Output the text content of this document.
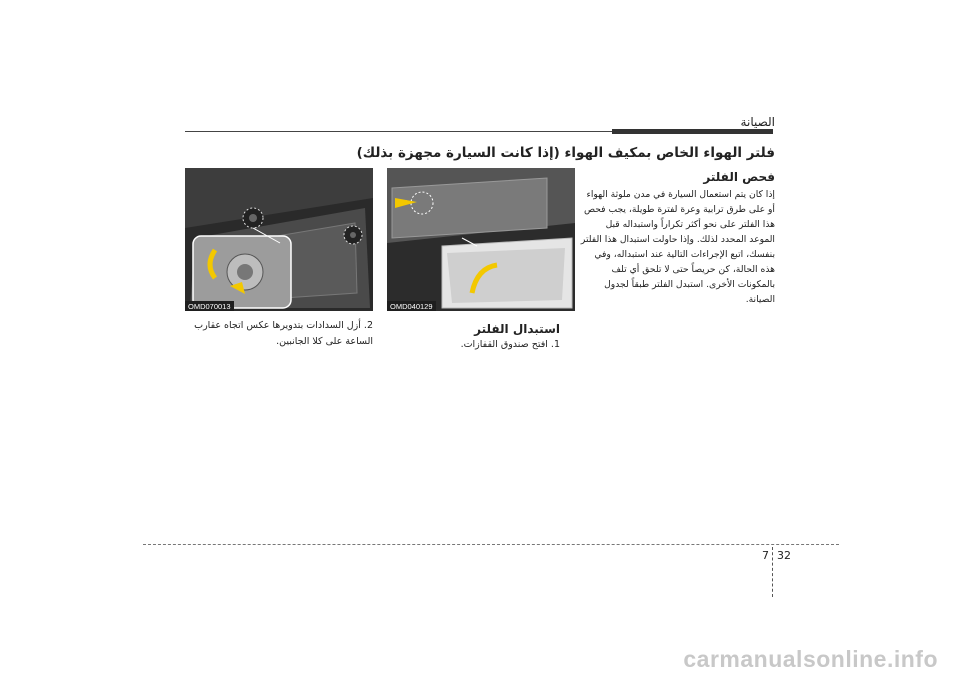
الصيانة
فلتر الهواء الخاص بمكيف الهواء (إذا كانت السيارة مجهزة بذلك)
فحص الفلتر
إذا كان يتم استعمال السيارة في مدن ملوثة الهواء أو على طرق ترابية وعرة لفترة طويلة، يجب فحص هذا الفلتر على نحو أكثر تكراراً واستبداله قبل الموعد المحدد لذلك. وإذا حاولت استبدال هذا الفلتر بنفسك، اتبع الإجراءات التالية عند استبداله، وفي هذه الحالة، كن حريصاً حتى لا تلحق أي تلف بالمكونات الأخرى. استبدل الفلتر طبقاً لجدول الصيانة.
OMD070013	OMD040129
2. أزل السدادات بتدويرها عكس اتجاه عقارب الساعة على كلا الجانبين.
استبدال الفلتر
1. افتح صندوق القفازات.
7 32
carmanualsonline.info
